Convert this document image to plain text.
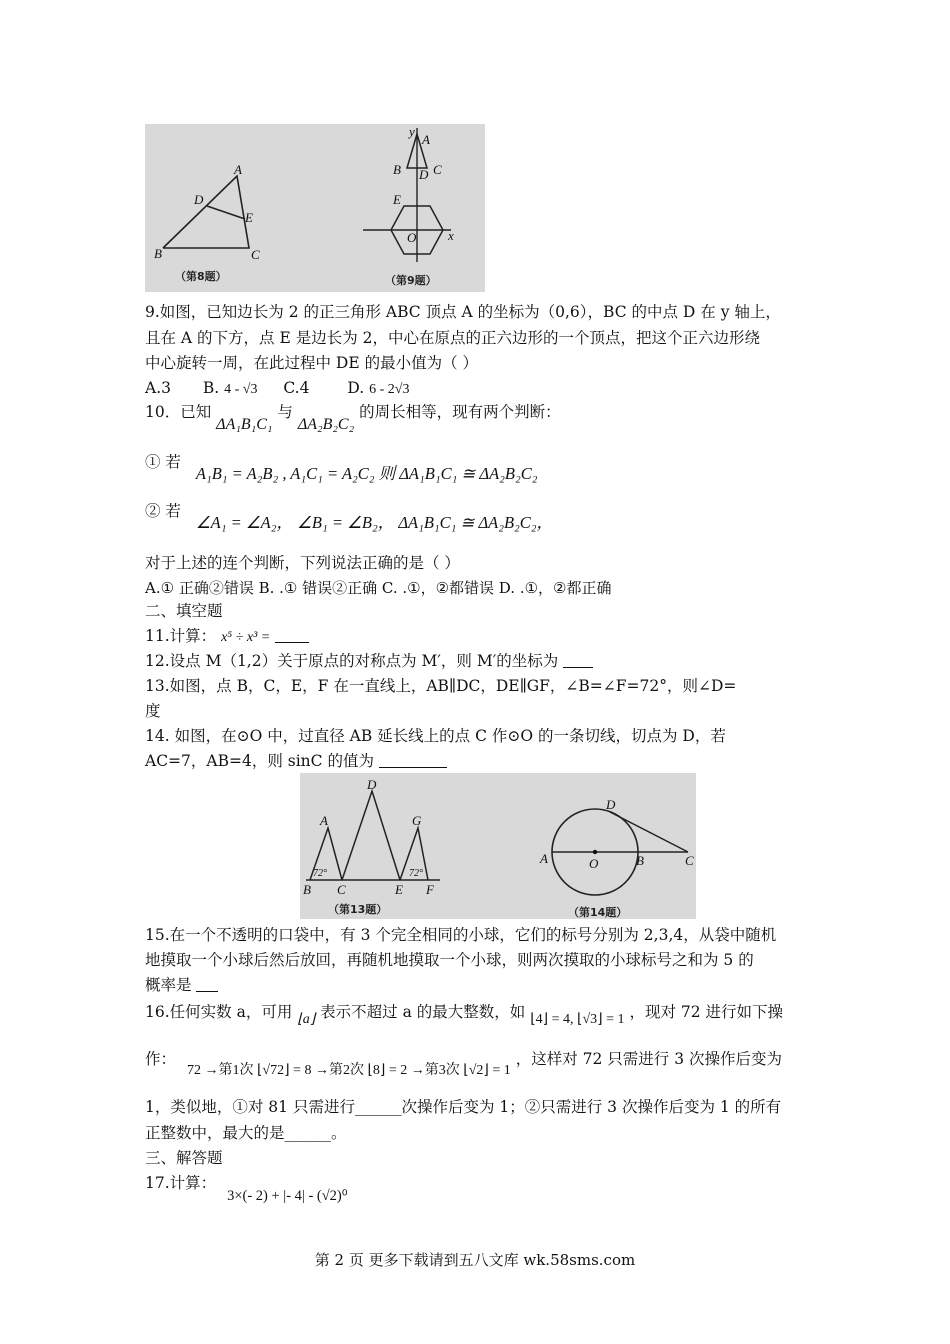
A
B	C
D
E
（第8题）
y
A
B D C
E
O x
（第9题）
9.如图，已知边长为 2 的正三角形 ABC 顶点 A 的坐标为（0,6），BC 的中点 D 在 y 轴上，
且在 A 的下方，点 E 是边长为 2，中心在原点的正六边形的一个顶点，把这个正六边形绕
中心旋转一周，在此过程中 DE 的最小值为（ ）
A.3 B. 4 - √3 C.4 D. 6 - 2√3
10．已知 ΔA₁B₁C₁ 与 ΔA₂B₂C₂ 的周长相等，现有两个判断：
① 若 A₁B₁ = A₂B₂ , A₁C₁ = A₂C₂ 则 ΔA₁B₁C₁ ≅ ΔA₂B₂C₂
② 若 ∠A₁ = ∠A₂， ∠B₁ = ∠B₂， ΔA₁B₁C₁ ≅ ΔA₂B₂C₂，
对于上述的连个判断，下列说法正确的是（ ）
A.① 正确②错误 B. .① 错误②正确 C. .①，②都错误 D. .①，②都正确
二、填空题
11.计算： x⁵ ÷ x³ =
12.设点 M（1,2）关于原点的对称点为 M′，则 M′的坐标为
13.如图，点 B，C，E，F 在一直线上，AB∥DC，DE∥GF，∠B=∠F=72°，则∠D=
度
14. 如图，在⊙O 中，过直径 AB 延长线上的点 C 作⊙O 的一条切线，切点为 D，若
AC=7，AB=4，则 sinC 的值为
D
A	G
B C	E F
72°	72°
（第13题）
D
A	O	B	C
（第14题）
15.在一个不透明的口袋中，有 3 个完全相同的小球，它们的标号分别为 2,3,4，从袋中随机
地摸取一个小球后然后放回，再随机地摸取一个小球，则两次摸取的小球标号之和为 5 的
概率是
16.任何实数 a，可用 ⌊a⌋ 表示不超过 a 的最大整数，如 ⌊4⌋ = 4, ⌊√3⌋ = 1 ，现对 72 进行如下操
作： 72 →第1次 ⌊√72⌋ = 8 →第2次 ⌊8⌋ = 2 →第3次 ⌊√2⌋ = 1 ，这样对 72 只需进行 3 次操作后变为
1，类似地，①对 81 只需进行______次操作后变为 1；②只需进行 3 次操作后变为 1 的所有
正整数中，最大的是______。
三、解答题
17.计算： 3×(- 2) + |- 4| - (√2)⁰
第 2 页 更多下载请到五八文库 wk.58sms.com
